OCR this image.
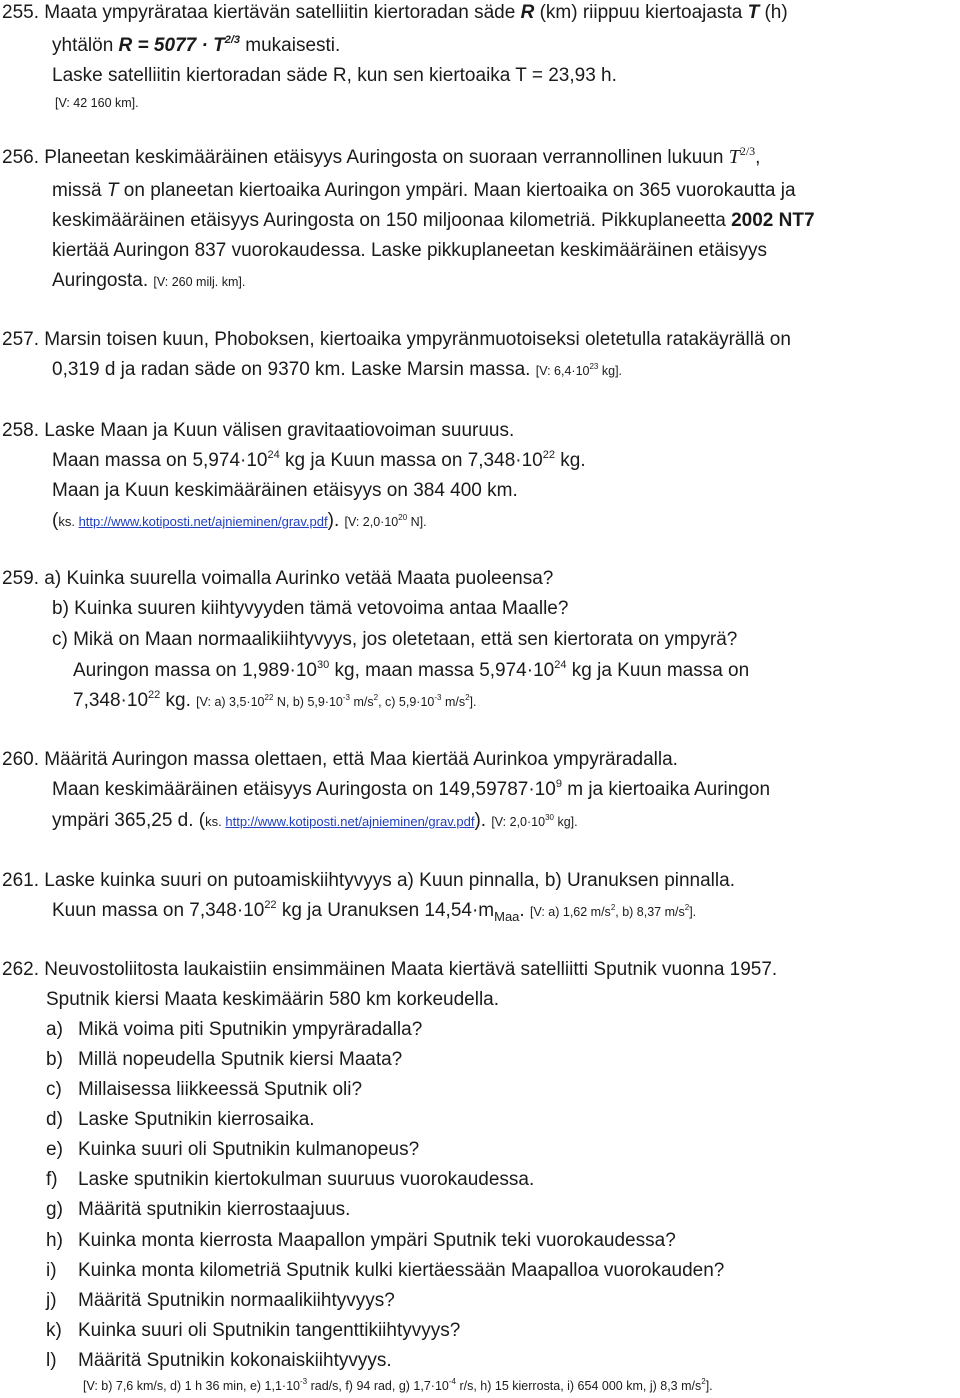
255. Maata ympyrärataa kiertävän satelliitin kiertoradan säde R (km) riippuu kiertoajasta T (h)
yhtälön $R = 5077 \cdot T^{2/3}$ mukaisesti.
Laske satelliitin kiertoradan säde R, kun sen kiertoaika T = 23,93 h.
[V: 42 160 km].
256. Planeetan keskimääräinen etäisyys Auringosta on suoraan verrannollinen lukuun $T^{2/3}$,
missä T on planeetan kiertoaika Auringon ympäri. Maan kiertoaika on 365 vuorokautta ja
keskimääräinen etäisyys Auringosta on 150 miljoonaa kilometriä. Pikkuplaneetta 2002 NT7
kiertää Auringon 837 vuorokaudessa. Laske pikkuplaneetan keskimääräinen etäisyys
Auringosta. [V: 260 milj. km].
257. Marsin toisen kuun, Phoboksen, kiertoaika ympyränmuotoiseksi oletetulla ratakäyrällä on
0,319 d ja radan säde on 9370 km. Laske Marsin massa. [V: $6,4\cdot 10^{23}$ kg].
258. Laske Maan ja Kuun välisen gravitaatiovoiman suuruus.
Maan massa on $5,974\cdot 10^{24}$ kg ja Kuun massa on $7,348\cdot 10^{22}$ kg.
Maan ja Kuun keskimääräinen etäisyys on 384 400 km.
(ks. http://www.kotiposti.net/ajnieminen/grav.pdf). [V: $2,0\cdot 10^{20}$ N].
259. a) Kuinka suurella voimalla Aurinko vetää Maata puoleensa?
b) Kuinka suuren kiihtyvyyden tämä vetovoima antaa Maalle?
c) Mikä on Maan normaalikiihtyvyys, jos oletetaan, että sen kiertorata on ympyrä?
Auringon massa on $1,989\cdot 10^{30}$ kg, maan massa $5,974\cdot 10^{24}$ kg ja Kuun massa on
$7,348\cdot 10^{22}$ kg. [V: a) $3,5\cdot 10^{22}$ N, b) $5,9\cdot 10^{-3}$ $m/s^2$, c) $5,9\cdot 10^{-3}$ $m/s^2$].
260. Määritä Auringon massa olettaen, että Maa kiertää Aurinkoa ympyräradalla.
Maan keskimääräinen etäisyys Auringosta on $149,59787\cdot 10^9$ m ja kiertoaika Auringon
ympäri 365,25 d. (ks. http://www.kotiposti.net/ajnieminen/grav.pdf). [V: $2,0\cdot 10^{30}$ kg].
261. Laske kuinka suuri on putoamiskiihtyvyys a) Kuun pinnalla, b) Uranuksen pinnalla.
Kuun massa on $7,348\cdot 10^{22}$ kg ja Uranuksen $14,54\cdot m_{Maa}$. [V: a) 1,62 $m/s^2$, b) 8,37 $m/s^2$].
262. Neuvostoliitosta laukaistiin ensimmäinen Maata kiertävä satelliitti Sputnik vuonna 1957.
Sputnik kiersi Maata keskimäärin 580 km korkeudella.
a) Mikä voima piti Sputnikin ympyräradalla?
b) Millä nopeudella Sputnik kiersi Maata?
c) Millaisessa liikkeessä Sputnik oli?
d) Laske Sputnikin kierrosaika.
e) Kuinka suuri oli Sputnikin kulmanopeus?
f) Laske sputnikin kiertokulman suuruus vuorokaudessa.
g) Määritä sputnikin kierrostaajuus.
h) Kuinka monta kierrosta Maapallon ympäri Sputnik teki vuorokaudessa?
i) Kuinka monta kilometriä Sputnik kulki kiertäessään Maapalloa vuorokauden?
j) Määritä Sputnikin normaalikiihtyvyys?
k) Kuinka suuri oli Sputnikin tangenttikiihtyvyys?
l) Määritä Sputnikin kokonaiskiihtyvyys.
[V: b) 7,6 km/s, d) 1 h 36 min, e) $1,1\cdot 10^{-3}$ rad/s, f) 94 rad, g) $1,7\cdot 10^{-4}$ r/s, h) 15 kierrosta, i) 654 000 km, j) 8,3 $m/s^2$].
